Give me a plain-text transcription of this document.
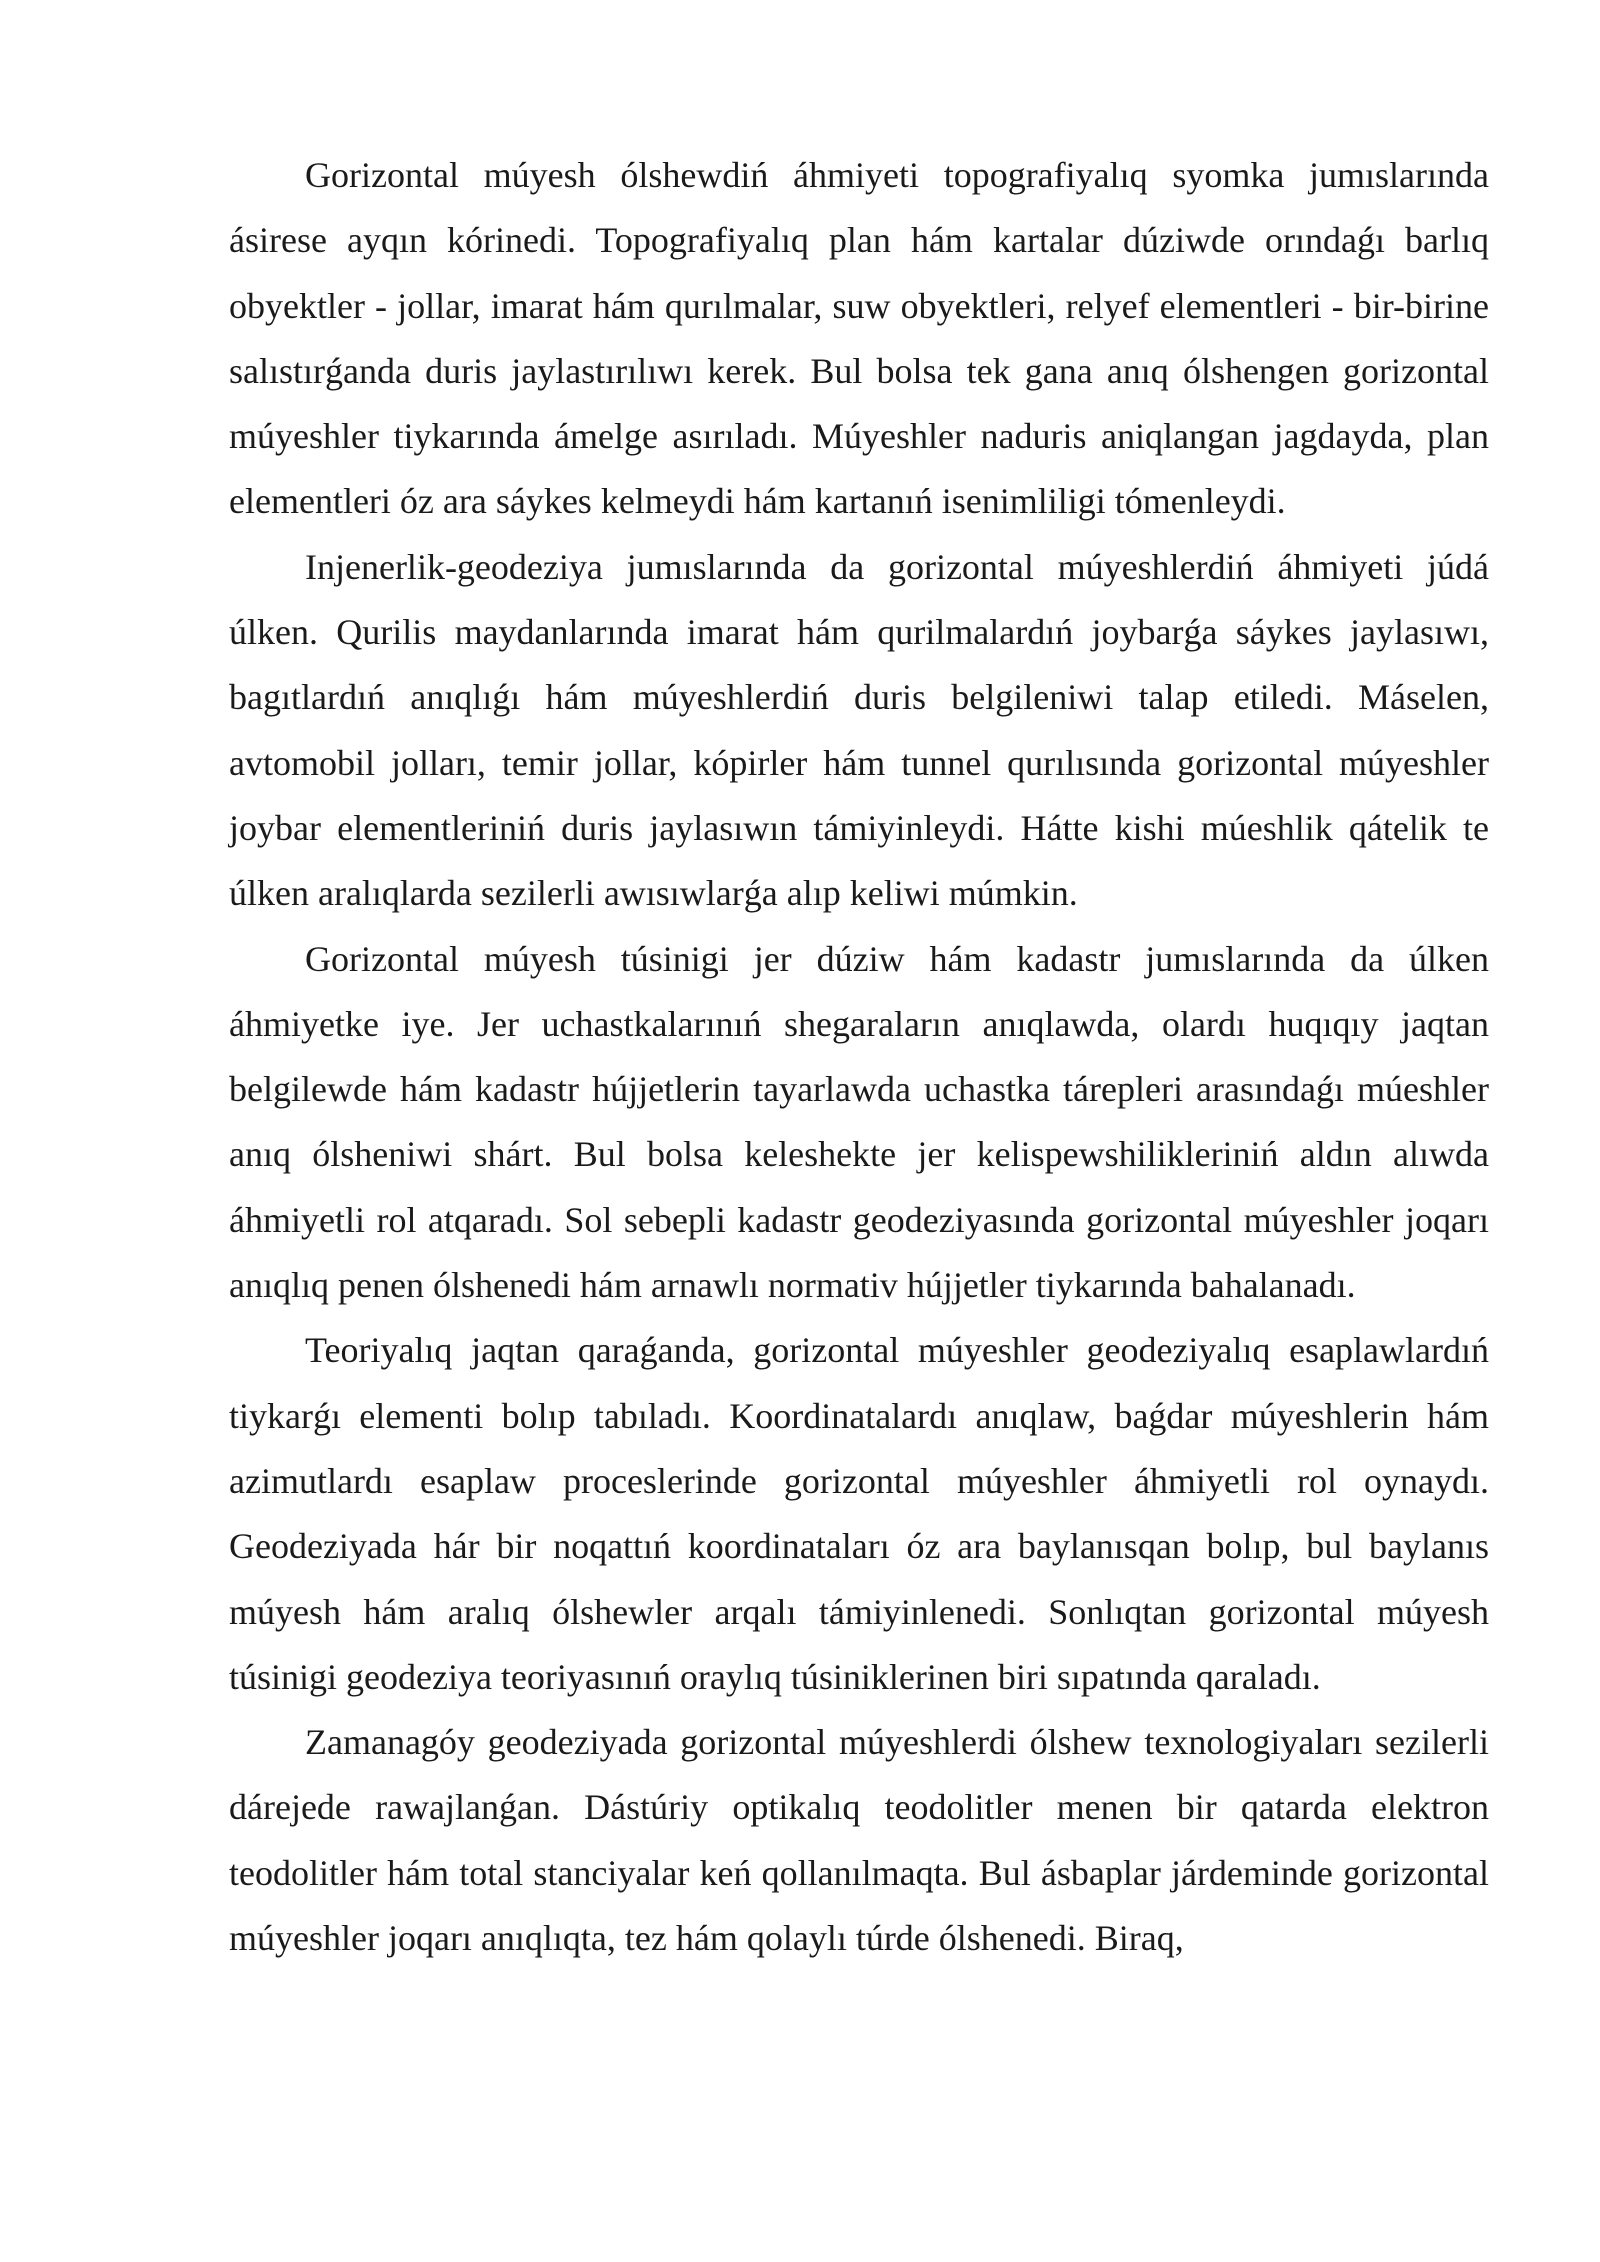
Gorizontal múyesh ólshewdiń áhmiyeti topografiyalıq syomka jumıslarında ásirese ayqın kórinedi. Topografiyalıq plan hám kartalar dúziwde orındaǵı barlıq obyektler - jollar, imarat hám qurılmalar, suw obyektleri, relyef elementleri - bir-birine salıstırǵanda duris jaylastırılıwı kerek. Bul bolsa tek gana anıq ólshengen gorizontal múyeshler tiykarında ámelge asırıladı. Múyeshler naduris aniqlangan jagdayda, plan elementleri óz ara sáykes kelmeydi hám kartanıń isenimliligi tómenleydi.

Injenerlik-geodeziya jumıslarında da gorizontal múyeshlerdiń áhmiyeti júdá úlken. Qurilis maydanlarında imarat hám qurilmalardıń joybarǵa sáykes jaylasıwı, bagıtlardıń anıqlıǵı hám múyeshlerdiń duris belgileniwi talap etiledi. Máselen, avtomobil jolları, temir jollar, kópirler hám tunnel qurılısında gorizontal múyeshler joybar elementleriniń duris jaylasıwın támiyinleydi. Hátte kishi múeshlik qátelik te úlken aralıqlarda sezilerli awısıwlarǵa alıp keliwi múmkin.

Gorizontal múyesh túsinigi jer dúziw hám kadastr jumıslarında da úlken áhmiyetke iye. Jer uchastkalarınıń shegaraların anıqlawda, olardı huqıqıy jaqtan belgilewde hám kadastr hújjetlerin tayarlawda uchastka tárepleri arasındaǵı múeshler anıq ólsheniwi shárt. Bul bolsa keleshekte jer kelispewshilikleriniń aldın alıwda áhmiyetli rol atqaradı. Sol sebepli kadastr geodeziyasında gorizontal múyeshler joqarı anıqlıq penen ólshenedi hám arnawlı normativ hújjetler tiykarında bahalanadı.

Teoriyalıq jaqtan qaraǵanda, gorizontal múyeshler geodeziyalıq esaplawlardıń tiykarǵı elementi bolıp tabıladı. Koordinatalardı anıqlaw, baǵdar múyeshlerin hám azimutlardı esaplaw proceslerinde gorizontal múyeshler áhmiyetli rol oynaydı. Geodeziyada hár bir noqattıń koordinataları óz ara baylanısqan bolıp, bul baylanıs múyesh hám aralıq ólshewler arqalı támiyinlenedi. Sonlıqtan gorizontal múyesh túsinigi geodeziya teoriyasınıń oraylıq túsiniklerinen biri sıpatında qaraladı.

Zamanagóy geodeziyada gorizontal múyeshlerdi ólshew texnologiyaları sezilerli dárejede rawajlanǵan. Dástúriy optikalıq teodolitler menen bir qatarda elektron teodolitler hám total stanciyalar keń qollanılmaqta. Bul ásbaplar járdeminde gorizontal múyeshler joqarı anıqlıqta, tez hám qolaylı túrde ólshenedi. Biraq,
